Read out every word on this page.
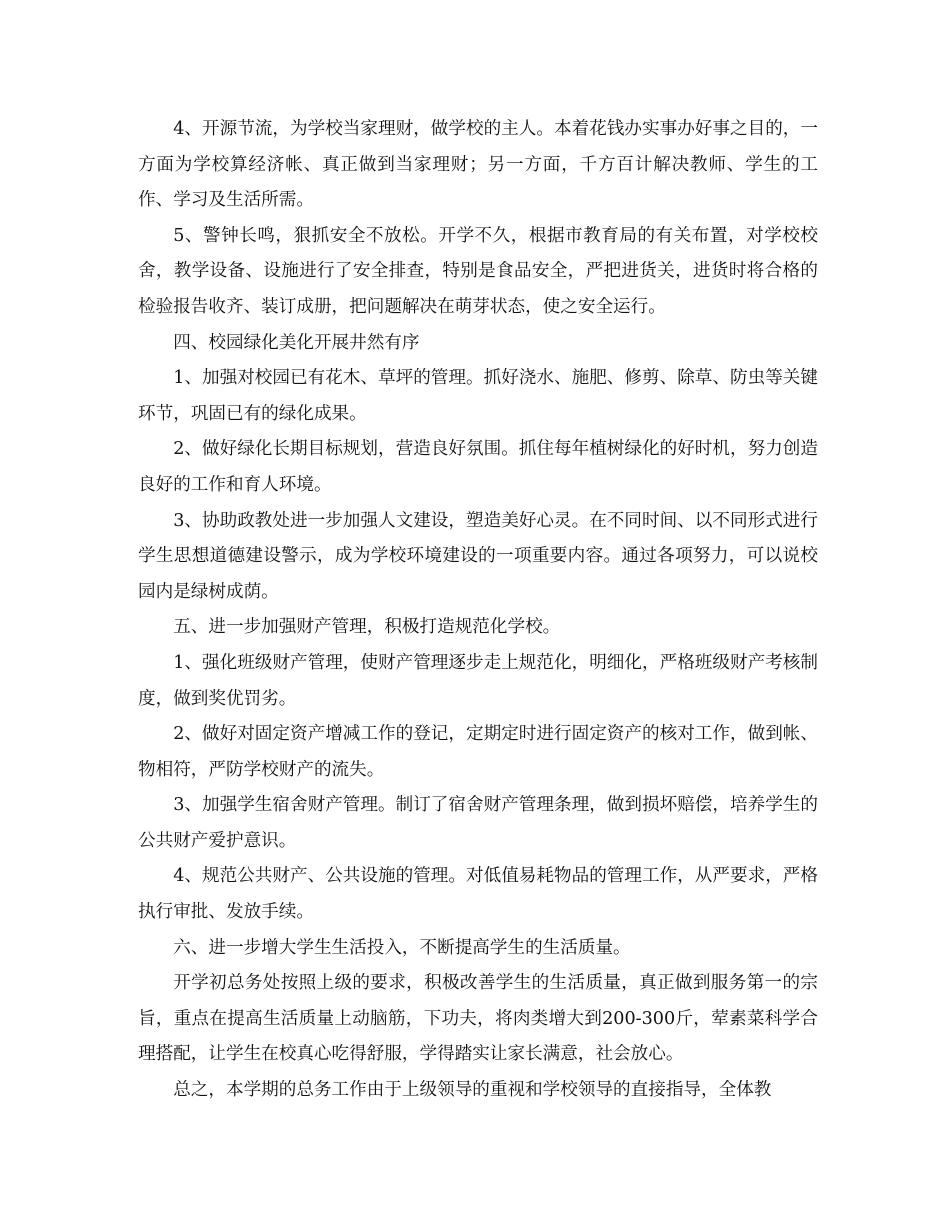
4、开源节流，为学校当家理财，做学校的主人。本着花钱办实事办好事之目的，一方面为学校算经济帐、真正做到当家理财；另一方面，千方百计解决教师、学生的工作、学习及生活所需。

5、警钟长鸣，狠抓安全不放松。开学不久，根据市教育局的有关布置，对学校校舍，教学设备、设施进行了安全排查，特别是食品安全，严把进货关，进货时将合格的检验报告收齐、装订成册，把问题解决在萌芽状态，使之安全运行。

四、校园绿化美化开展井然有序

1、加强对校园已有花木、草坪的管理。抓好浇水、施肥、修剪、除草、防虫等关键环节，巩固已有的绿化成果。

2、做好绿化长期目标规划，营造良好氛围。抓住每年植树绿化的好时机，努力创造良好的工作和育人环境。

3、协助政教处进一步加强人文建设，塑造美好心灵。在不同时间、以不同形式进行学生思想道德建设警示，成为学校环境建设的一项重要内容。通过各项努力，可以说校园内是绿树成荫。

五、进一步加强财产管理，积极打造规范化学校。

1、强化班级财产管理，使财产管理逐步走上规范化，明细化，严格班级财产考核制度，做到奖优罚劣。

2、做好对固定资产增减工作的登记，定期定时进行固定资产的核对工作，做到帐、物相符，严防学校财产的流失。

3、加强学生宿舍财产管理。制订了宿舍财产管理条理，做到损坏赔偿，培养学生的公共财产爱护意识。

4、规范公共财产、公共设施的管理。对低值易耗物品的管理工作，从严要求，严格执行审批、发放手续。

六、进一步增大学生生活投入，不断提高学生的生活质量。

开学初总务处按照上级的要求，积极改善学生的生活质量，真正做到服务第一的宗旨，重点在提高生活质量上动脑筋，下功夫，将肉类增大到200-300斤，荤素菜科学合理搭配，让学生在校真心吃得舒服，学得踏实让家长满意，社会放心。

总之，本学期的总务工作由于上级领导的重视和学校领导的直接指导，全体教
